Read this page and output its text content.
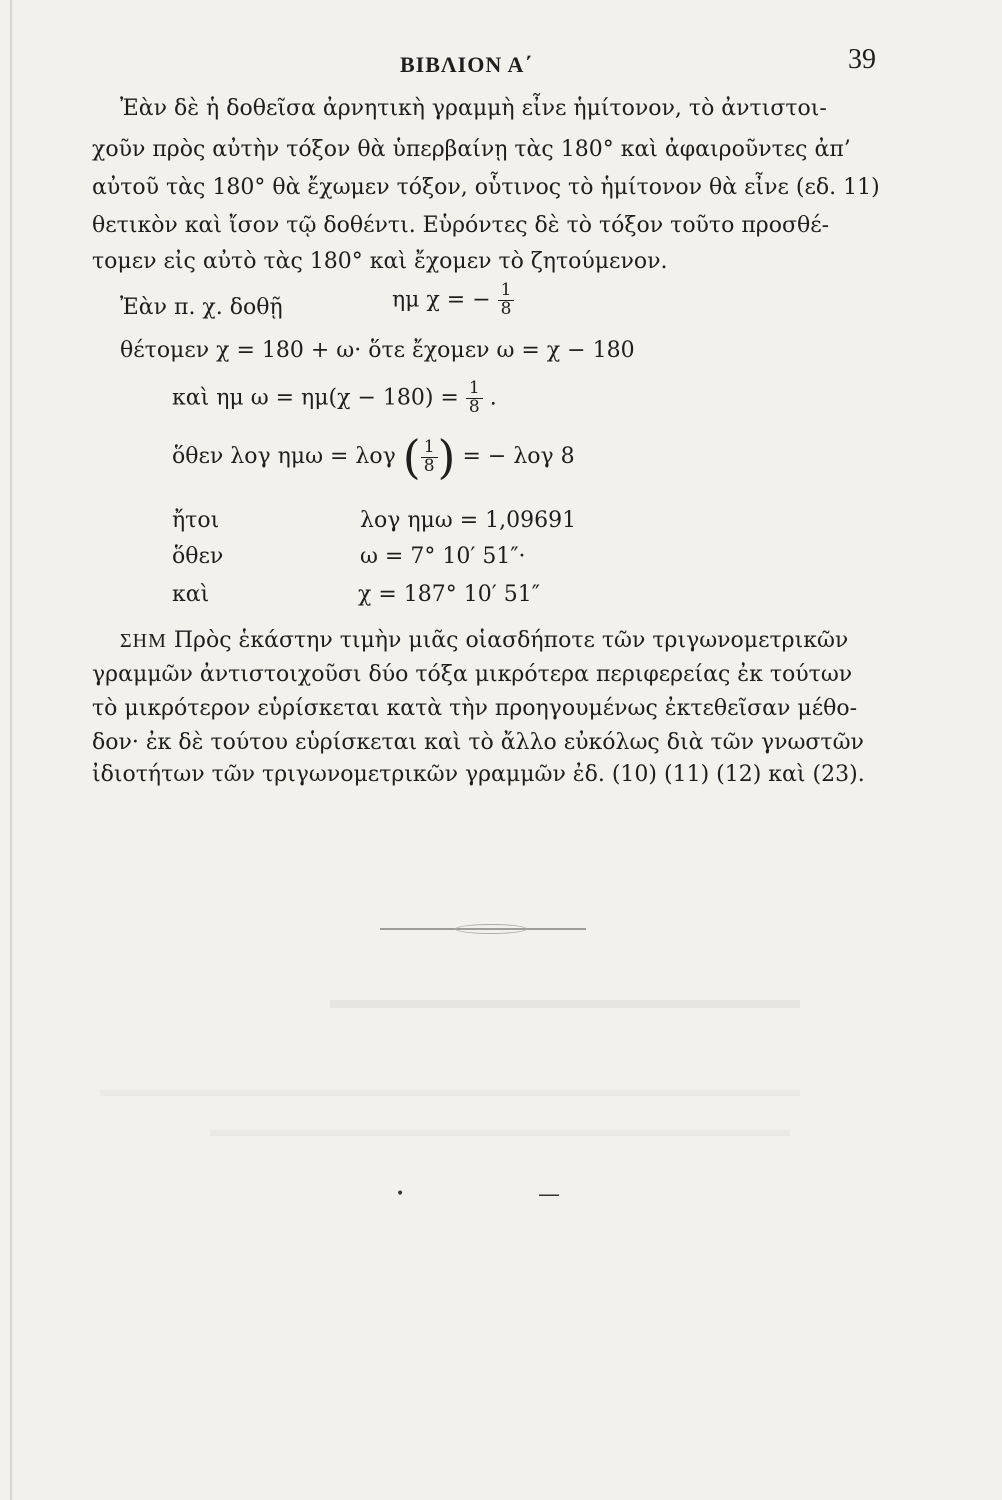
ΒΙΒΛΙΟΝ Α΄	39
Ἐὰν δὲ ἡ δοθεῖσα ἀρνητικὴ γραμμὴ εἶνε ἡμίτονον, τὸ ἀντιστοι-
χοῦν πρὸς αὐτὴν τόξον θὰ ὑπερβαίνῃ τὰς 180° καὶ ἀφαιροῦντες ἀπ’
αὐτοῦ τὰς 180° θὰ ἔχωμεν τόξον, οὗτινος τὸ ἡμίτονον θὰ εἶνε (εδ. 11)
θετικὸν καὶ ἴσον τῷ δοθέντι. Εὑρόντες δὲ τὸ τόξον τοῦτο προσθέ-
τομεν εἰς αὐτὸ τὰς 180° καὶ ἔχομεν τὸ ζητούμενον.
Ἐὰν π. χ. δοθῇ	ημ χ = − $\frac{1}{8}$
θέτομεν χ = 180 + ω· ὅτε ἔχομεν ω = χ − 180
καὶ ημ $\omega = \eta\mu(\chi - 180) = \frac{1}{8}$ .
ὅθεν λογ ημω = λογ ( $\frac{1}{8}$ ) = − λογ 8
ἤτοι	λογ ημω = 1,09691
ὅθεν	ω = 7° 10′ 51″·
καὶ	χ = 187° 10′ 51″
ΣΗΜ Πρὸς ἑκάστην τιμὴν μιᾶς οἱασδήποτε τῶν τριγωνομετρικῶν
γραμμῶν ἀντιστοιχοῦσι δύο τόξα μικρότερα περιφερείας ἐκ τούτων
τὸ μικρότερον εὑρίσκεται κατὰ τὴν προηγουμένως ἐκτεθεῖσαν μέθο-
δον· ἐκ δὲ τούτου εὑρίσκεται καὶ τὸ ἄλλο εὐκόλως διὰ τῶν γνωστῶν
ἰδιοτήτων τῶν τριγωνομετρικῶν γραμμῶν ἐδ. (10) (11) (12) καὶ (23).
—
•
